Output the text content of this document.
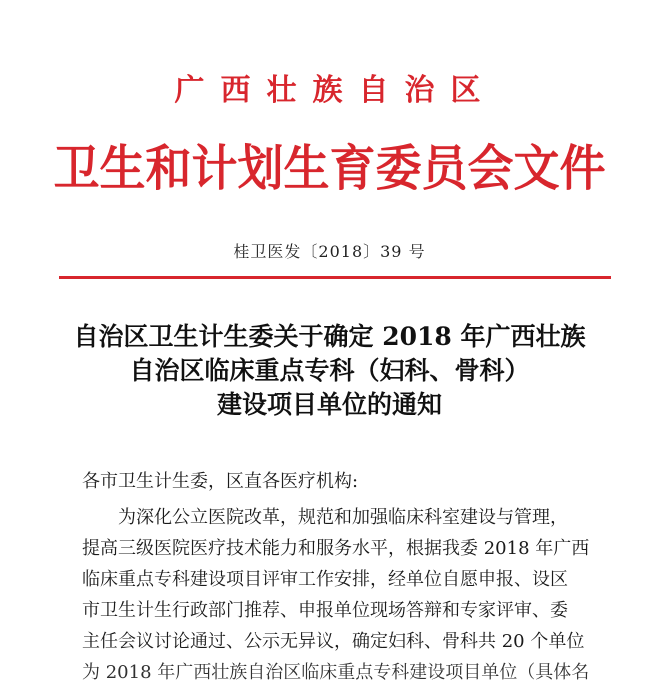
广西壮族自治区
卫生和计划生育委员会文件
桂卫医发〔2018〕39 号
自治区卫生计生委关于确定 2018 年广西壮族
自治区临床重点专科（妇科、骨科）
建设项目单位的通知
各市卫生计生委，区直各医疗机构:
为深化公立医院改革，规范和加强临床科室建设与管理，
提高三级医院医疗技术能力和服务水平，根据我委 2018 年广西
临床重点专科建设项目评审工作安排，经单位自愿申报、设区
市卫生计生行政部门推荐、申报单位现场答辩和专家评审、委
主任会议讨论通过、公示无异议，确定妇科、骨科共 20 个单位
为 2018 年广西壮族自治区临床重点专科建设项目单位（具体名
